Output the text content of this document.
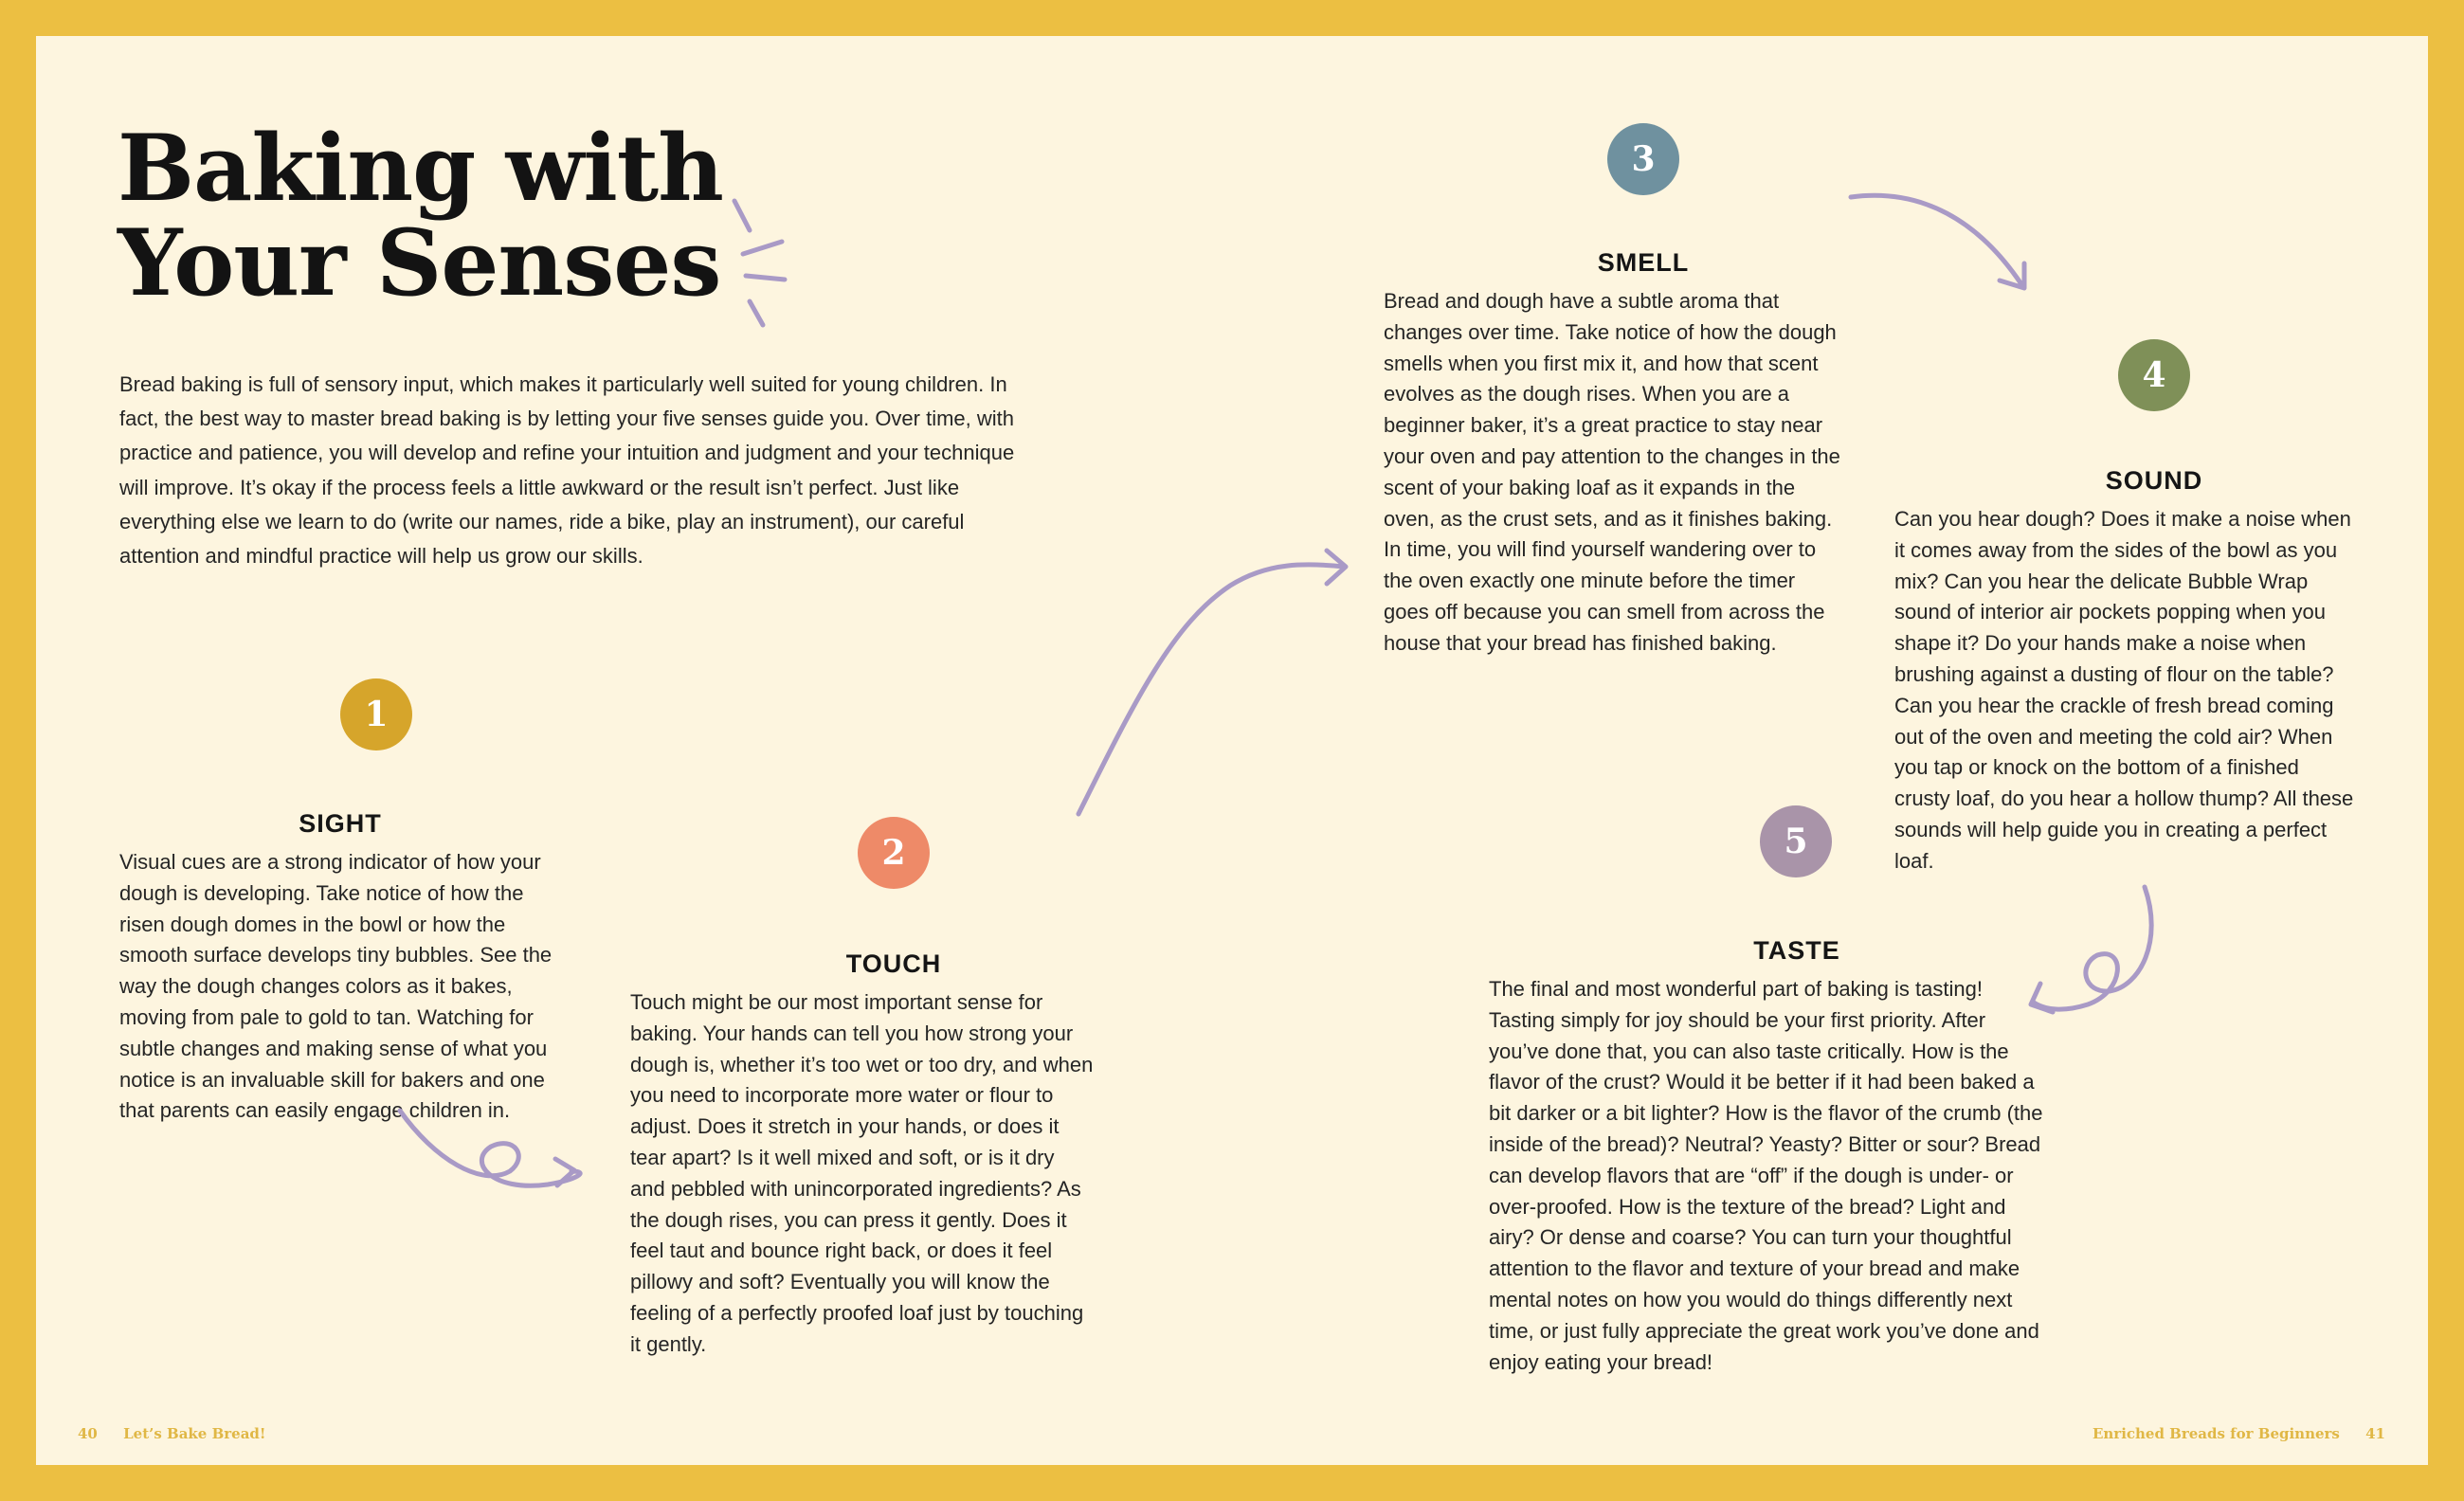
Baking with
Your Senses

Bread baking is full of sensory input, which makes it particularly well suited for young children. In fact, the best way to master bread baking is by letting your five senses guide you. Over time, with practice and patience, you will develop and refine your intuition and judgment and your technique will improve. It’s okay if the process feels a little awkward or the result isn’t perfect. Just like everything else we learn to do (write our names, ride a bike, play an instrument), our careful attention and mindful practice will help us grow our skills.

1
SIGHT

Visual cues are a strong indicator of how your dough is developing. Take notice of how the risen dough domes in the bowl or how the smooth surface develops tiny bubbles. See the way the dough changes colors as it bakes, moving from pale to gold to tan. Watching for subtle changes and making sense of what you notice is an invaluable skill for bakers and one that parents can easily engage children in.

2
TOUCH

Touch might be our most important sense for baking. Your hands can tell you how strong your dough is, whether it’s too wet or too dry, and when you need to incorporate more water or flour to adjust. Does it stretch in your hands, or does it tear apart? Is it well mixed and soft, or is it dry and pebbled with unincorporated ingredients? As the dough rises, you can press it gently. Does it feel taut and bounce right back, or does it feel pillowy and soft? Eventually you will know the feeling of a perfectly proofed loaf just by touching it gently.

3
SMELL

Bread and dough have a subtle aroma that changes over time. Take notice of how the dough smells when you first mix it, and how that scent evolves as the dough rises. When you are a beginner baker, it’s a great practice to stay near your oven and pay attention to the changes in the scent of your baking loaf as it expands in the oven, as the crust sets, and as it finishes baking. In time, you will find yourself wandering over to the oven exactly one minute before the timer goes off because you can smell from across the house that your bread has finished baking.

4
SOUND

Can you hear dough? Does it make a noise when it comes away from the sides of the bowl as you mix? Can you hear the delicate Bubble Wrap sound of interior air pockets popping when you shape it? Do your hands make a noise when brushing against a dusting of flour on the table? Can you hear the crackle of fresh bread coming out of the oven and meeting the cold air? When you tap or knock on the bottom of a finished crusty loaf, do you hear a hollow thump? All these sounds will help guide you in creating a perfect loaf.

5
TASTE

The final and most wonderful part of baking is tasting! Tasting simply for joy should be your first priority. After you’ve done that, you can also taste critically. How is the flavor of the crust? Would it be better if it had been baked a bit darker or a bit lighter? How is the flavor of the crumb (the inside of the bread)? Neutral? Yeasty? Bitter or sour? Bread can develop flavors that are “off” if the dough is under- or over-proofed. How is the texture of the bread? Light and airy? Or dense and coarse? You can turn your thoughtful attention to the flavor and texture of your bread and make mental notes on how you would do things differently next time, or just fully appreciate the great work you’ve done and enjoy eating your bread!

40 Let’s Bake Bread!	Enriched Breads for Beginners 41
